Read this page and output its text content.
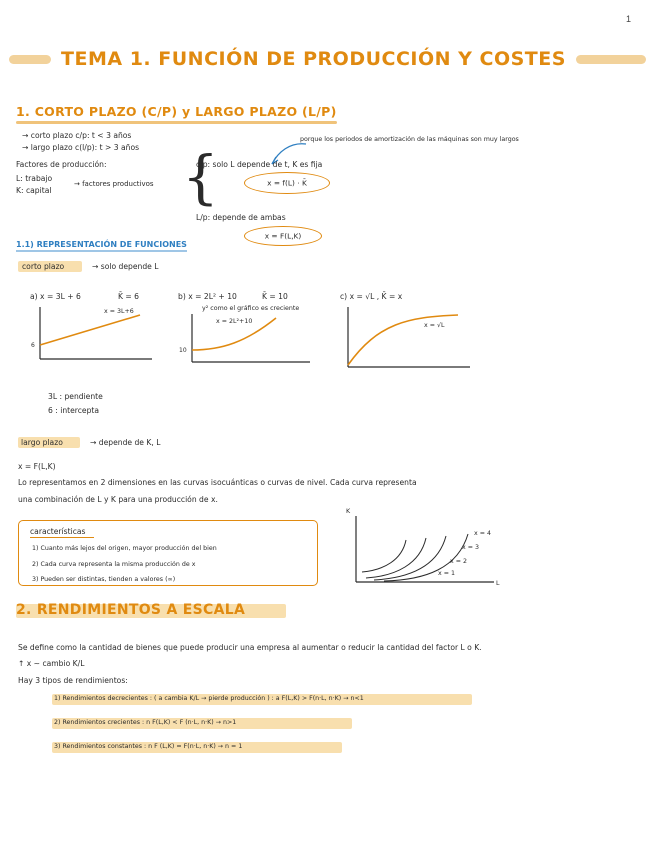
1
TEMA 1. FUNCIÓN DE PRODUCCIÓN Y COSTES
1. CORTO PLAZO (C/P) y LARGO PLAZO (L/P)
→ corto plazo c/p: t < 3 años
→ largo plazo c(l/p): t > 3 años
Factores de producción:
L: trabajo
K: capital
→ factores productivos
porque los periodos de amortización de las máquinas son muy largos
{
c/p: solo L depende de t, K es fija
x = f(L) · K̄
L/p: depende de ambas
x = F(L,K)
1.1) REPRESENTACIÓN DE FUNCIONES
corto plazo	→ solo depende L
a) x = 3L + 6	K̄ = 6
6
x = 3L+6
b) x = 2L² + 10	K̄ = 10
y² como el gráfico es creciente
10
x = 2L²+10
c) x = √L , K̄ = x
x = √L
3L : pendiente
6 : intercepta
largo plazo	→ depende de K, L
x = F(L,K)
Lo representamos en 2 dimensiones en las curvas isocuánticas o curvas de nivel. Cada curva representa
una combinación de L y K para una producción de x.
características
1) Cuanto más lejos del origen, mayor producción del bien
2) Cada curva representa la misma producción de x
3) Pueden ser distintas, tienden a valores (∞)
K
L
x = 4
x = 3
x = 2
x = 1
2. RENDIMIENTOS A ESCALA
Se define como la cantidad de bienes que puede producir una empresa al aumentar o reducir la cantidad del factor L o K.
↑ x ~ cambio K/L
Hay 3 tipos de rendimientos:
1) Rendimientos decrecientes : ( a cambia K/L → pierde producción ) : a F(L,K) > F(n·L, n·K) → n<1
2) Rendimientos crecientes : n F(L,K) < F (n·L, n·K) → n>1
3) Rendimientos constantes : n F (L,K) = F(n·L, n·K) → n = 1
